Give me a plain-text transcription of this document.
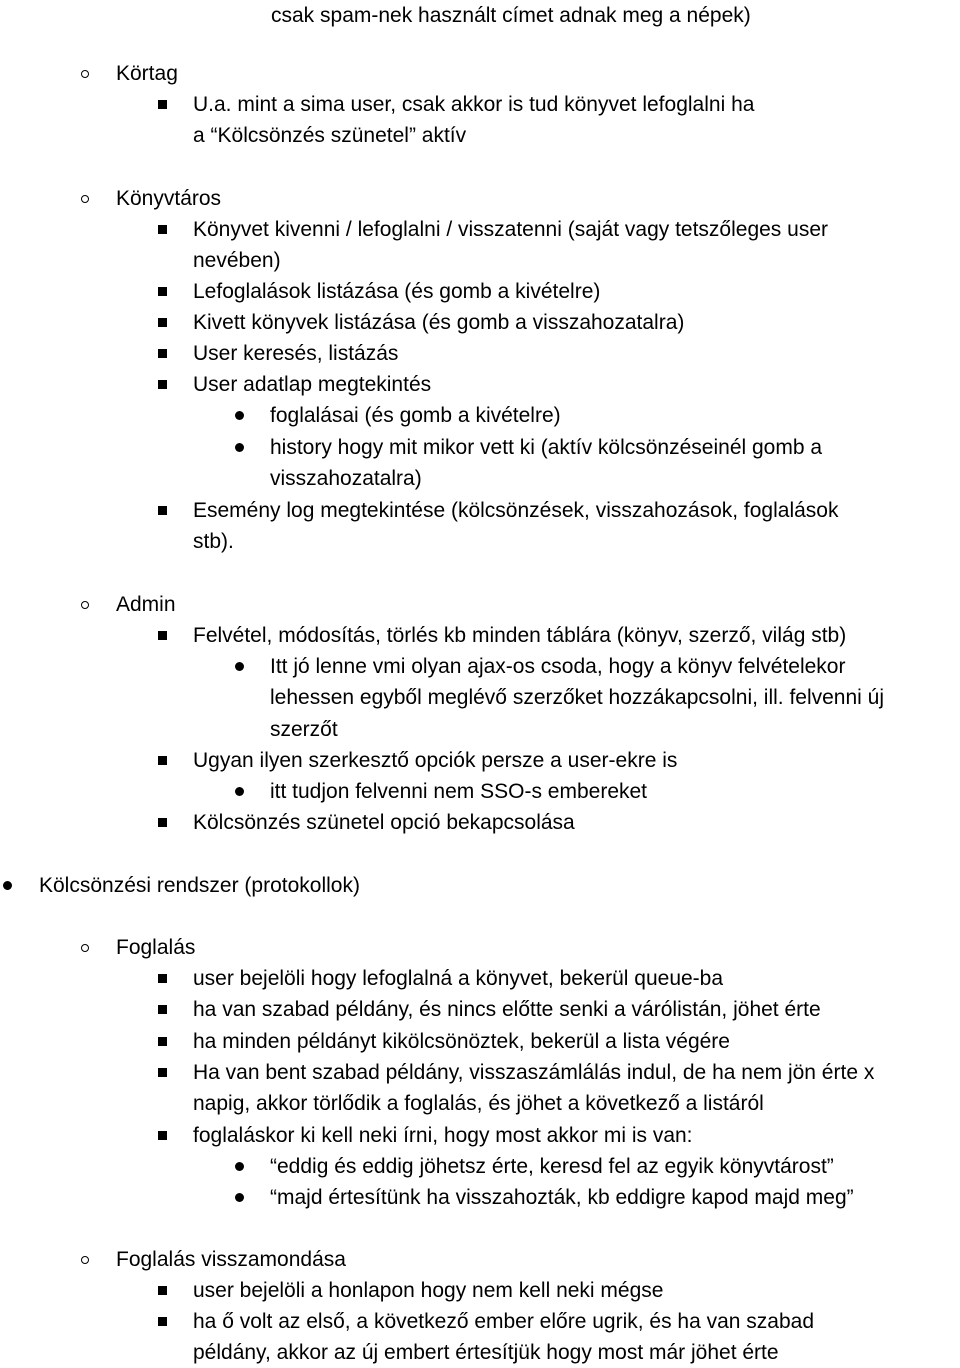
csak spam-nek használt címet adnak meg a népek)
Körtag
U.a. mint a sima user, csak akkor is tud könyvet lefoglalni ha
a “Kölcsönzés szünetel” aktív
Könyvtáros
Könyvet kivenni / lefoglalni / visszatenni (saját vagy tetszőleges user
nevében)
Lefoglalások listázása (és gomb a kivételre)
Kivett könyvek listázása (és gomb a visszahozatalra)
User keresés, listázás
User adatlap megtekintés
foglalásai (és gomb a kivételre)
history hogy mit mikor vett ki (aktív kölcsönzéseinél gomb a
visszahozatalra)
Esemény log megtekintése (kölcsönzések, visszahozások, foglalások
stb).
Admin
Felvétel, módosítás, törlés kb minden táblára (könyv, szerző, világ stb)
Itt jó lenne vmi olyan ajax-os csoda, hogy a könyv felvételekor
lehessen egyből meglévő szerzőket hozzákapcsolni, ill. felvenni új
szerzőt
Ugyan ilyen szerkesztő opciók persze a user-ekre is
itt tudjon felvenni nem SSO-s embereket
Kölcsönzés szünetel opció bekapcsolása
Kölcsönzési rendszer (protokollok)
Foglalás
user bejelöli hogy lefoglalná a könyvet, bekerül queue-ba
ha van szabad példány, és nincs előtte senki a várólistán, jöhet érte
ha minden példányt kikölcsönöztek, bekerül a lista végére
Ha van bent szabad példány, visszaszámlálás indul, de ha nem jön érte x
napig, akkor törlődik a foglalás, és jöhet a következő a listáról
foglaláskor ki kell neki írni, hogy most akkor mi is van:
“eddig és eddig jöhetsz érte, keresd fel az egyik könyvtárost”
“majd értesítünk ha visszahozták, kb eddigre kapod majd meg”
Foglalás visszamondása
user bejelöli a honlapon hogy nem kell neki mégse
ha ő volt az első, a következő ember előre ugrik, és ha van szabad
példány, akkor az új embert értesítjük hogy most már jöhet érte
